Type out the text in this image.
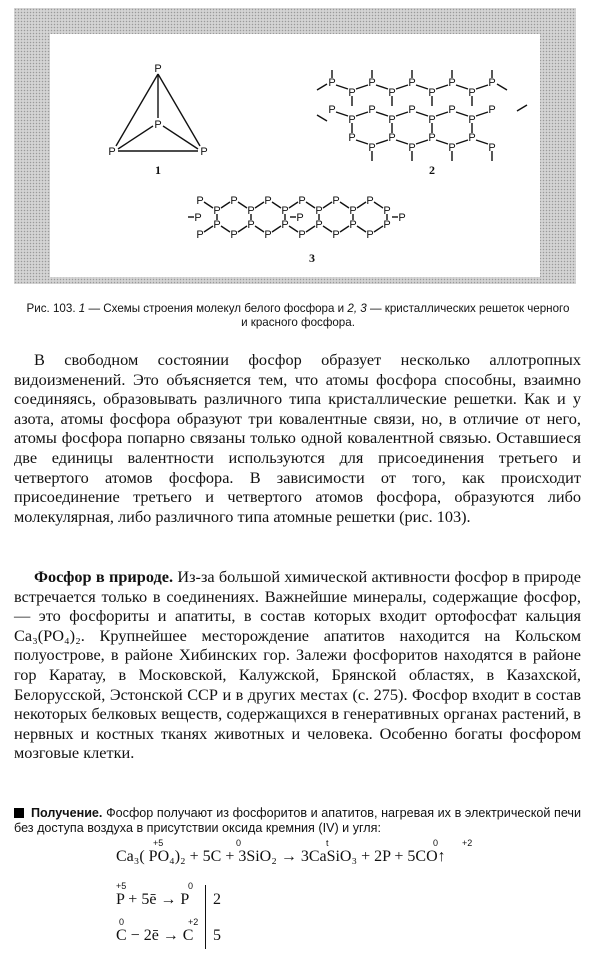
P
P	P
P
1
P
P
P
P
P
P
P
P
P
P
P
P
P
P
P
P
P
P
P
P
P
P
P
P
P
P
2
P
P
P
P
P
P
P
P
P
P
P
P
P
P
P
P
P
P
P
P
P
P
P
P
P	P	P
3
Рис. 103. 1 — Схемы строения молекул белого фосфора и 2, 3 — кристаллических решеток черного и красного фосфора.

В свободном состоянии фосфор образует несколько аллотропных видоизменений. Это объясняется тем, что атомы фосфора способны, взаимно соединяясь, образовывать различного типа кристаллические решетки. Как и у азота, атомы фосфора образуют три ковалентные связи, но, в отличие от него, атомы фосфора попарно связаны только одной ковалентной связью. Оставшиеся две единицы валентности используются для присоединения третьего и четвертого атомов фосфора. В зависимости от того, как происходит присоединение третьего и четвертого атомов фосфора, образуются либо молекулярная, либо различного типа атомные решетки (рис. 103).

Фосфор в природе. Из-за большой химической активности фосфор в природе встречается только в соединениях. Важнейшие минералы, содержащие фосфор, — это фосфориты и апатиты, в состав которых входит ортофосфат кальция Ca₃(PO₄)₂. Крупнейшее месторождение апатитов находится на Кольском полуострове, в районе Хибинских гор. Залежи фосфоритов находятся в районе гор Каратау, в Московской, Калужской, Брянской областях, в Казахской, Белорусской, Эстонской ССР и в других местах (с. 275). Фосфор входит в состав некоторых белковых веществ, содержащихся в генеративных органах растений, в нервных и костных тканях животных и человека. Особенно богаты фосфором мозговые клетки.

Получение. Фосфор получают из фосфоритов и апатитов, нагревая их в электрической печи без доступа воздуха в присутствии оксида кремния (IV) и угля:
+5	0	t	0	+2
Ca₃( PO₄)₂ + 5C + 3SiO₂ → 3CaSiO₃ + 2P + 5CO↑
+5	0
P + 5ē → P 2
0	+2
C − 2ē → C 5
